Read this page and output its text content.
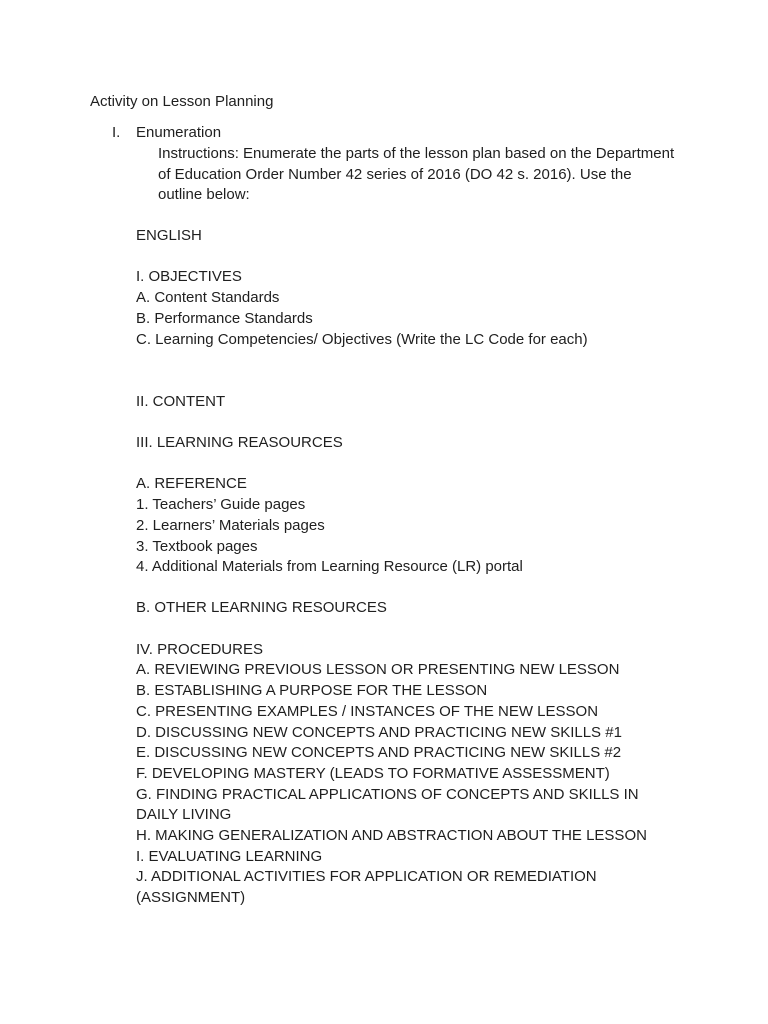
Activity on Lesson Planning

I. Enumeration

Instructions: Enumerate the parts of the lesson plan based on the Department

of Education Order Number 42 series of 2016 (DO 42 s. 2016). Use the

outline below:

ENGLISH

I. OBJECTIVES

A. Content Standards

B. Performance Standards

C. Learning Competencies/ Objectives (Write the LC Code for each)

II. CONTENT

III. LEARNING REASOURCES

A. REFERENCE

1. Teachers’ Guide pages

2. Learners’ Materials pages

3. Textbook pages

4. Additional Materials from Learning Resource (LR) portal

B. OTHER LEARNING RESOURCES

IV. PROCEDURES

A. REVIEWING PREVIOUS LESSON OR PRESENTING NEW LESSON

B. ESTABLISHING A PURPOSE FOR THE LESSON

C. PRESENTING EXAMPLES / INSTANCES OF THE NEW LESSON

D. DISCUSSING NEW CONCEPTS AND PRACTICING NEW SKILLS #1

E. DISCUSSING NEW CONCEPTS AND PRACTICING NEW SKILLS #2

F. DEVELOPING MASTERY (LEADS TO FORMATIVE ASSESSMENT)

G. FINDING PRACTICAL APPLICATIONS OF CONCEPTS AND SKILLS IN

DAILY LIVING

H. MAKING GENERALIZATION AND ABSTRACTION ABOUT THE LESSON

I. EVALUATING LEARNING

J. ADDITIONAL ACTIVITIES FOR APPLICATION OR REMEDIATION

(ASSIGNMENT)
